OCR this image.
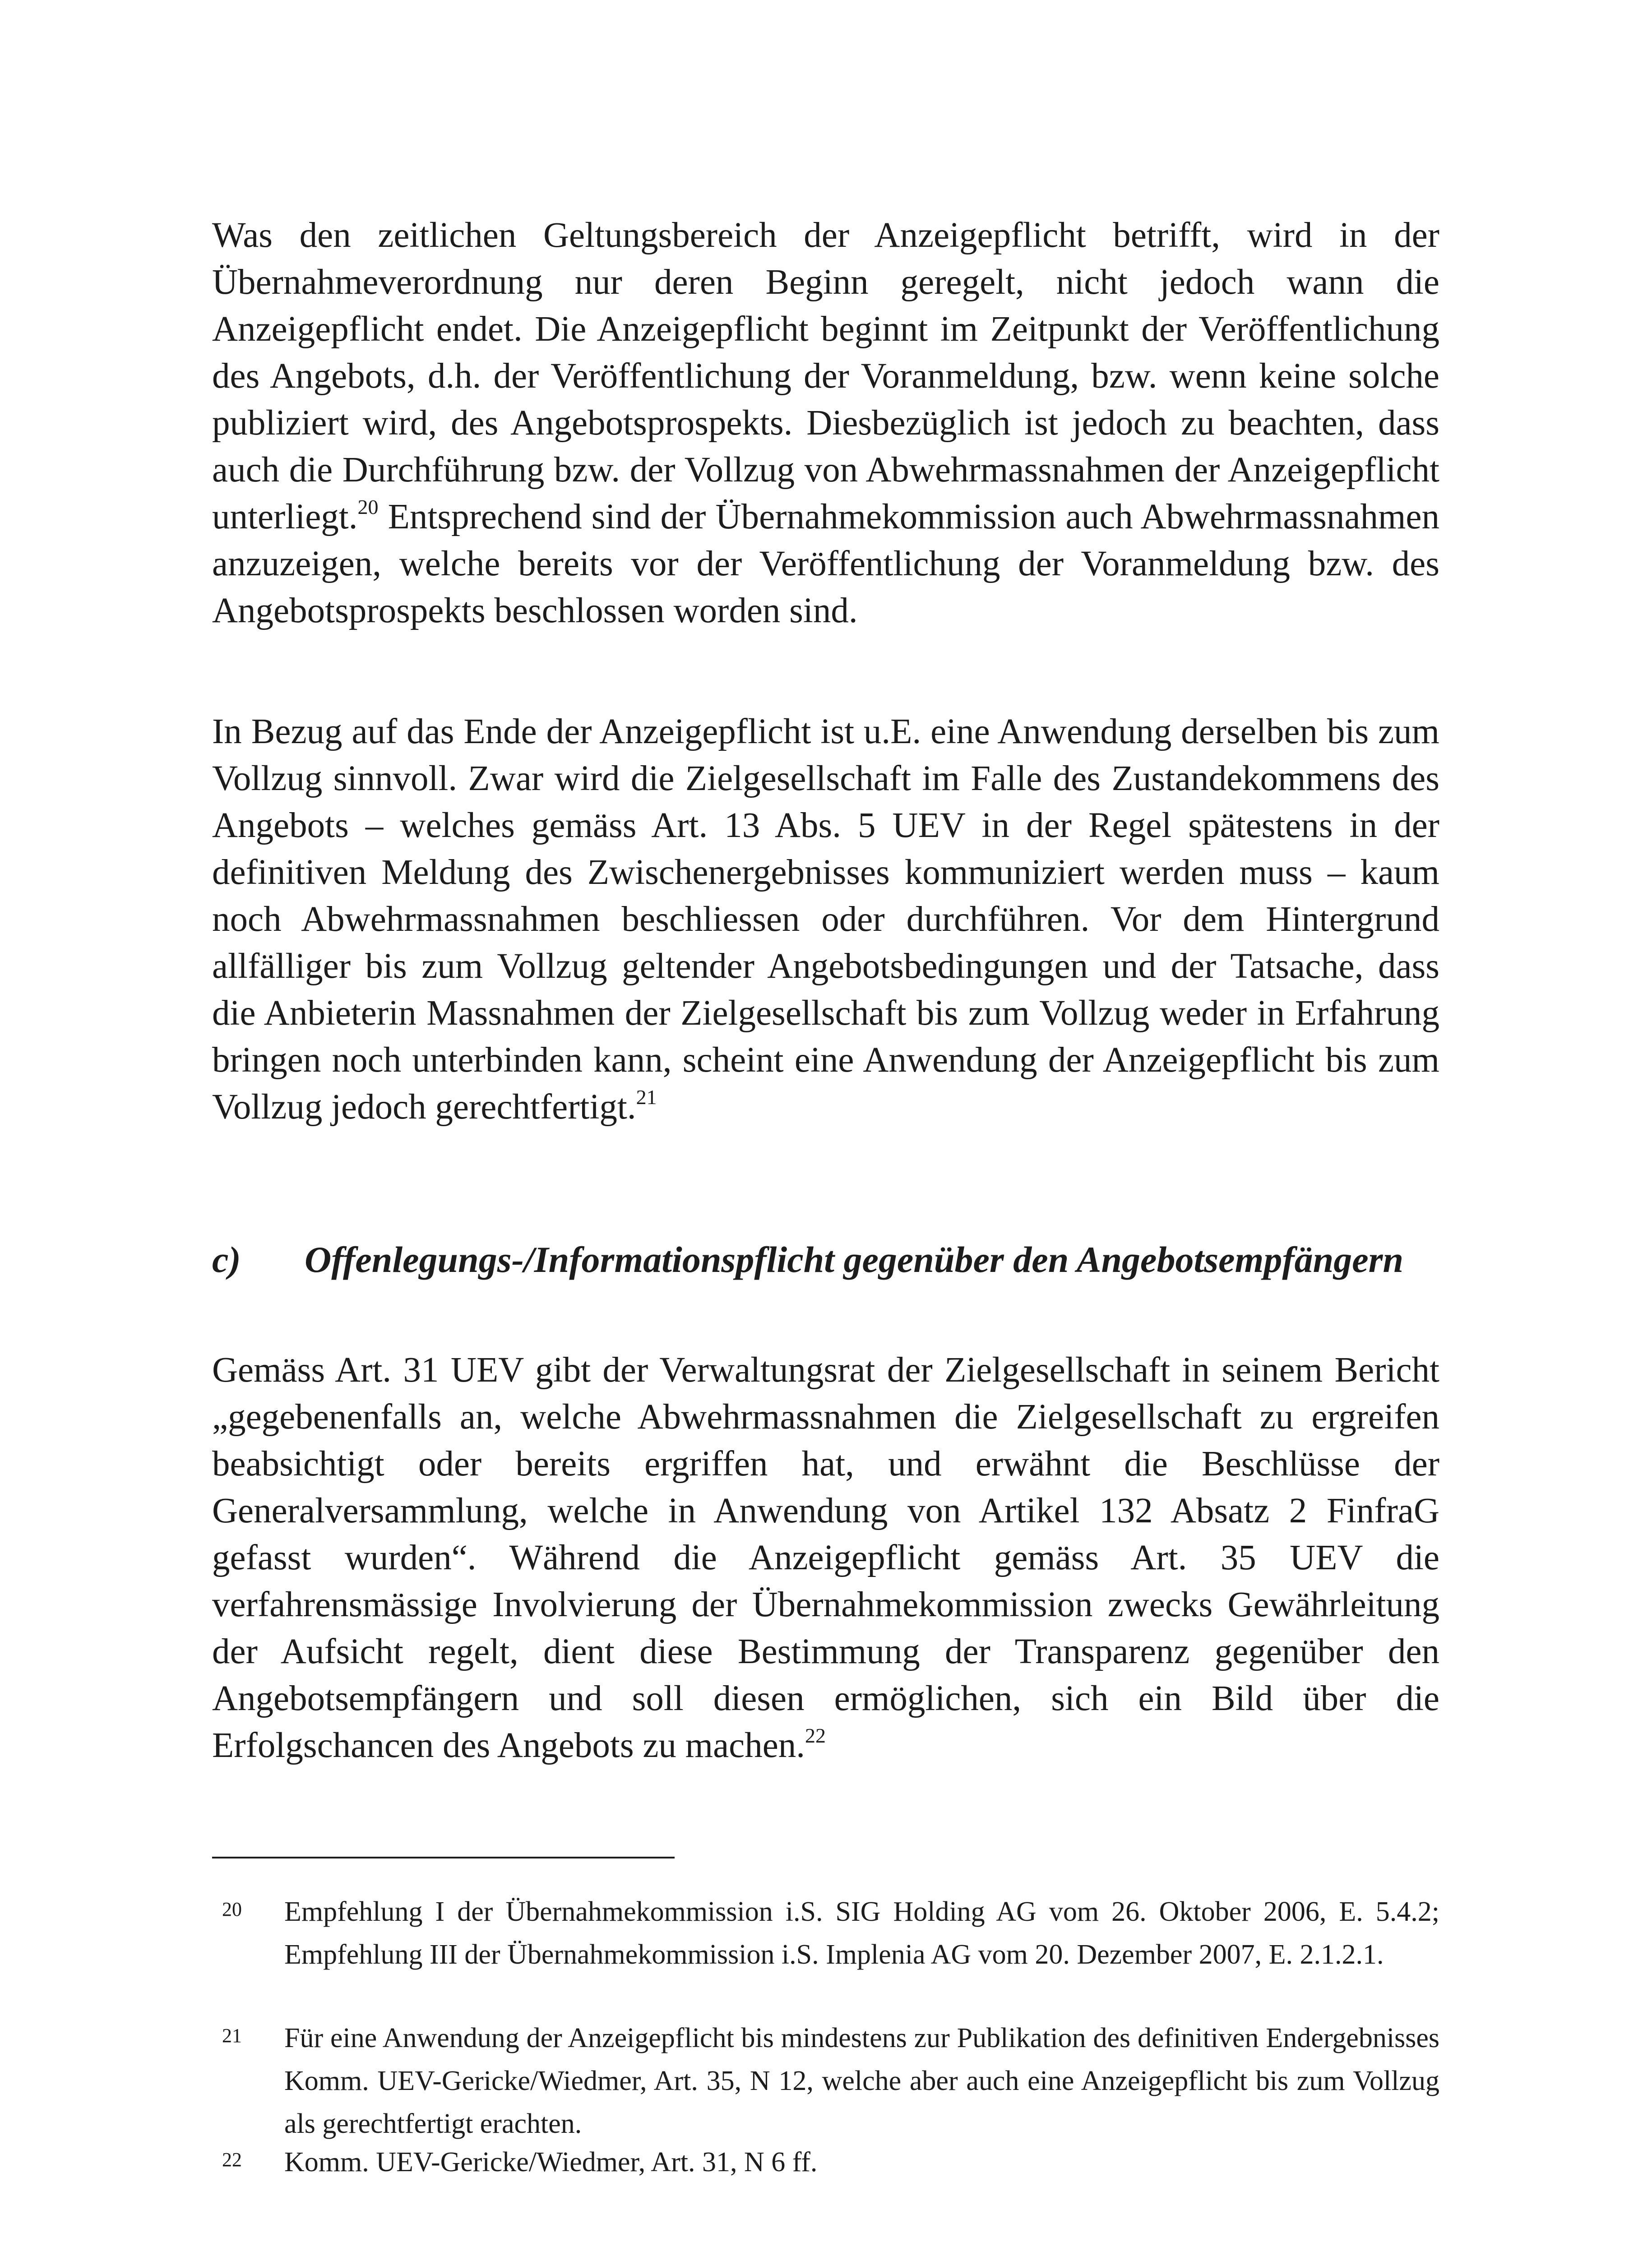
Was den zeitlichen Geltungsbereich der Anzeigepflicht betrifft, wird in der Übernahmeverordnung nur deren Beginn geregelt, nicht jedoch wann die Anzeigepflicht endet. Die Anzeigepflicht beginnt im Zeitpunkt der Veröffentlichung des Angebots, d.h. der Veröffentlichung der Voranmeldung, bzw. wenn keine solche publiziert wird, des Angebotsprospekts. Diesbezüglich ist jedoch zu beachten, dass auch die Durchführung bzw. der Vollzug von Abwehrmassnahmen der Anzeigepflicht unterliegt.$^{20}$ Entsprechend sind der Übernahmekommission auch Abwehrmassnahmen anzuzeigen, welche bereits vor der Veröffentlichung der Voranmeldung bzw. des Angebotsprospekts beschlossen worden sind.

In Bezug auf das Ende der Anzeigepflicht ist u.E. eine Anwendung derselben bis zum Vollzug sinnvoll. Zwar wird die Zielgesellschaft im Falle des Zustandekommens des Angebots – welches gemäss Art. 13 Abs. 5 UEV in der Regel spätestens in der definitiven Meldung des Zwischenergebnisses kommuniziert werden muss – kaum noch Abwehrmassnahmen beschliessen oder durchführen. Vor dem Hintergrund allfälliger bis zum Vollzug geltender Angebotsbedingungen und der Tatsache, dass die Anbieterin Massnahmen der Zielgesellschaft bis zum Vollzug weder in Erfahrung bringen noch unterbinden kann, scheint eine Anwendung der Anzeigepflicht bis zum Vollzug jedoch gerechtfertigt.$^{21}$

c) Offenlegungs-/Informationspflicht gegenüber den Angebotsempfängern

Gemäss Art. 31 UEV gibt der Verwaltungsrat der Zielgesellschaft in seinem Bericht „gegebenenfalls an, welche Abwehrmassnahmen die Zielgesellschaft zu ergreifen beabsichtigt oder bereits ergriffen hat, und erwähnt die Beschlüsse der Generalversammlung, welche in Anwendung von Artikel 132 Absatz 2 FinfraG gefasst wurden“. Während die Anzeigepflicht gemäss Art. 35 UEV die verfahrensmässige Involvierung der Übernahmekommission zwecks Gewährleitung der Aufsicht regelt, dient diese Bestimmung der Transparenz gegenüber den Angebotsempfängern und soll diesen ermöglichen, sich ein Bild über die Erfolgschancen des Angebots zu machen.$^{22}$

20 Empfehlung I der Übernahmekommission i.S. SIG Holding AG vom 26. Oktober 2006, E. 5.4.2; Empfehlung III der Übernahmekommission i.S. Implenia AG vom 20. Dezember 2007, E. 2.1.2.1.
21 Für eine Anwendung der Anzeigepflicht bis mindestens zur Publikation des definitiven Endergebnisses Komm. UEV-Gericke/Wiedmer, Art. 35, N 12, welche aber auch eine Anzeigepflicht bis zum Vollzug als gerechtfertigt erachten.
22 Komm. UEV-Gericke/Wiedmer, Art. 31, N 6 ff.
